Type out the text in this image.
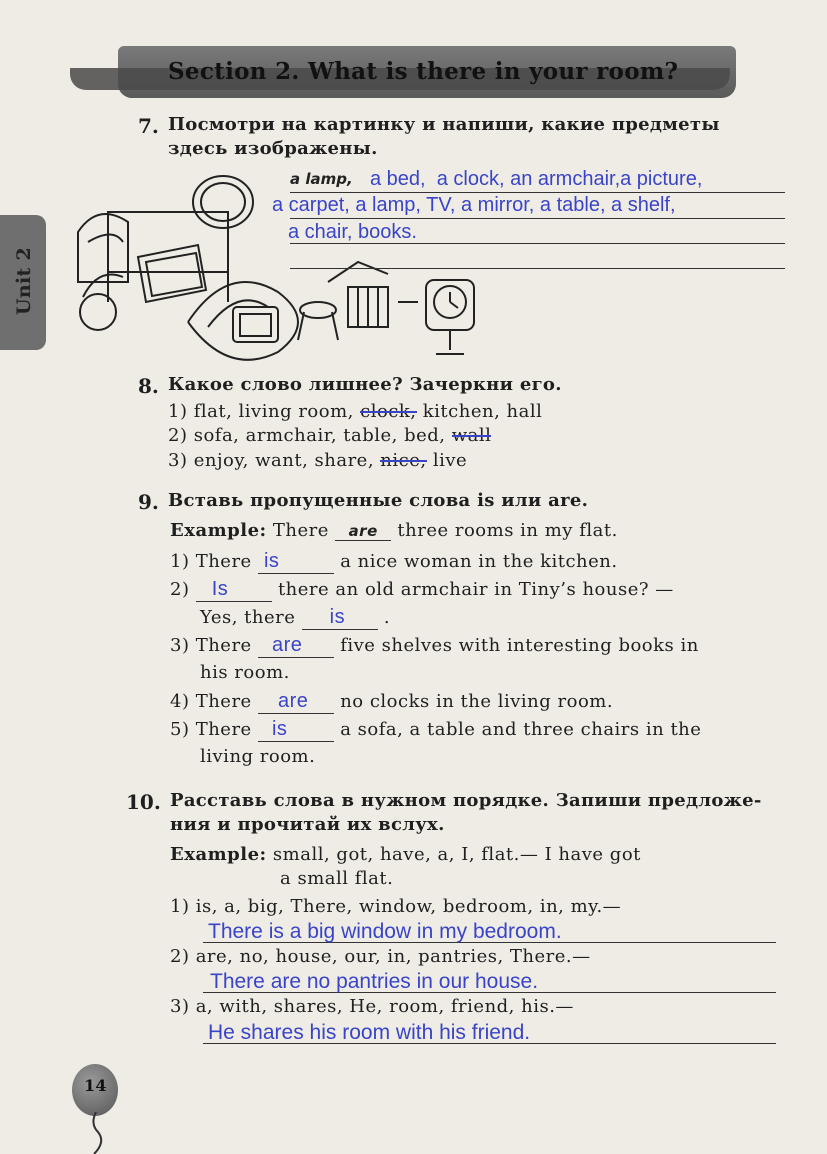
Section 2. What is there in your room?
Unit 2
7. Посмотри на картинку и напиши, какие предметы
здесь изображены.
a lamp, a bed,  a clock, an armchair,a picture,
a carpet, a lamp, TV, a mirror, a table, a shelf,
a chair, books.
8. Какое слово лишнее? Зачеркни его.
1) flat, living room, clock, kitchen, hall
2) sofa, armchair, table, bed, wall
3) enjoy, want, share, nice, live
9. Вставь пропущенные слова is или are.
Example: There are three rooms in my flat.
1) There is	a nice woman in the kitchen.
2) Is	there an old armchair in Tiny’s house? —
Yes, there is .
3) There are five shelves with interesting books in
his room.
4) There are no clocks in the living room.
5) There is	a sofa, a table and three chairs in the
living room.
10. Расставь слова в нужном порядке. Запиши предложе-
ния и прочитай их вслух.
Example: small, got, have, a, I, flat.— I have got
a small flat.
1) is, a, big, There, window, bedroom, in, my.—
There is a big window in my bedroom.
2) are, no, house, our, in, pantries, There.—
There are no pantries in our house.
3) a, with, shares, He, room, friend, his.—
He shares his room with his friend.
14
